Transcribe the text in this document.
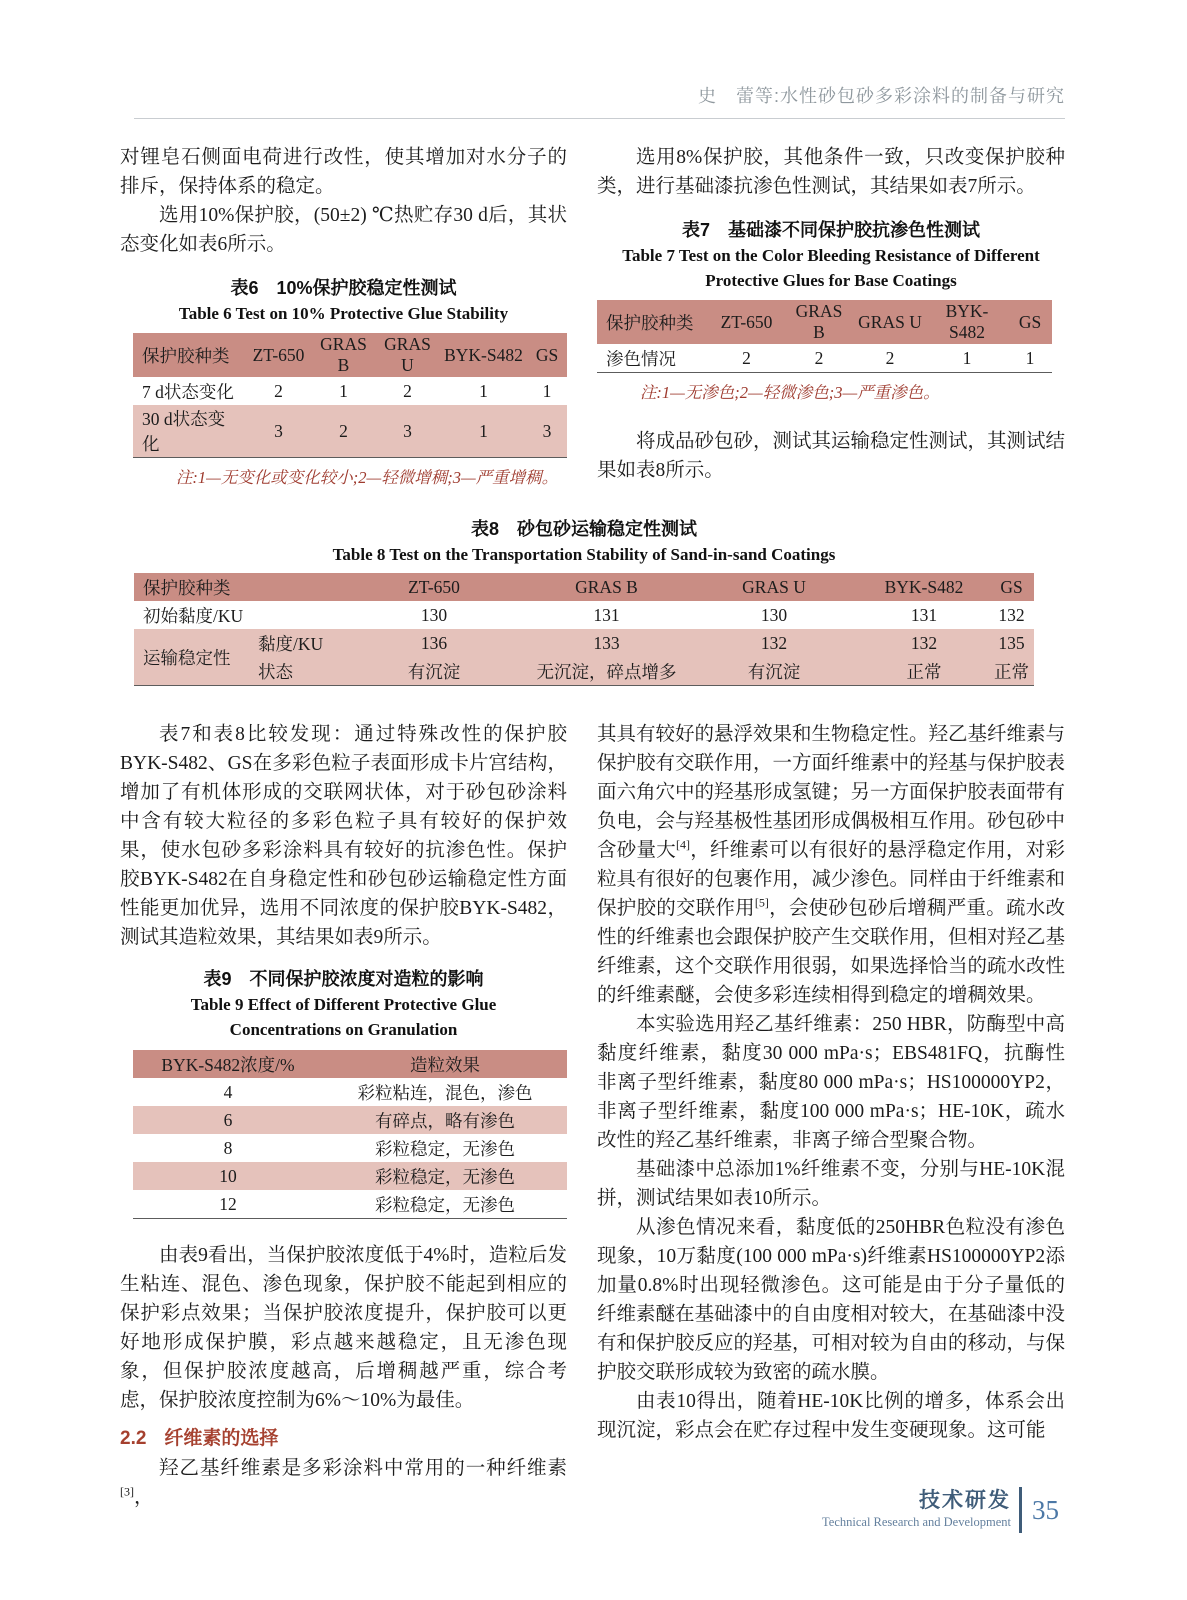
史　蕾等:水性砂包砂多彩涂料的制备与研究

对锂皂石侧面电荷进行改性，使其增加对水分子的排斥，保持体系的稳定。

选用10%保护胶，(50±2) ℃热贮存30 d后，其状态变化如表6所示。

表6　10%保护胶稳定性测试
Table 6 Test on 10% Protective Glue Stability
保护胶种类	ZT-650	GRAS B	GRAS U	BYK-S482	GS
7 d状态变化	2	1	2	1	1
30 d状态变化	3	2	3	1	3

注:1—无变化或变化较小;2—轻微增稠;3—严重增稠。

选用8%保护胶，其他条件一致，只改变保护胶种类，进行基础漆抗渗色性测试，其结果如表7所示。

表7　基础漆不同保护胶抗渗色性测试
Table 7 Test on the Color Bleeding Resistance of Different
Protective Glues for Base Coatings
保护胶种类	ZT-650	GRAS B	GRAS U	BYK-S482	GS
渗色情况	2	2	2	1	1

注:1—无渗色;2—轻微渗色;3—严重渗色。

将成品砂包砂，测试其运输稳定性测试，其测试结果如表8所示。

表8　砂包砂运输稳定性测试
Table 8 Test on the Transportation Stability of Sand-in-sand Coatings
保护胶种类		ZT-650	GRAS B	GRAS U	BYK-S482	GS
初始黏度/KU		130	131	130	131	132
运输稳定性	黏度/KU	136	133	132	132	135
	状态	有沉淀	无沉淀，碎点增多	有沉淀	正常	正常

表7和表8比较发现：通过特殊改性的保护胶BYK-S482、GS在多彩色粒子表面形成卡片宫结构，增加了有机体形成的交联网状体，对于砂包砂涂料中含有较大粒径的多彩色粒子具有较好的保护效果，使水包砂多彩涂料具有较好的抗渗色性。保护胶BYK-S482在自身稳定性和砂包砂运输稳定性方面性能更加优异，选用不同浓度的保护胶BYK-S482，测试其造粒效果，其结果如表9所示。

表9　不同保护胶浓度对造粒的影响
Table 9 Effect of Different Protective Glue
Concentrations on Granulation
BYK-S482浓度/%	造粒效果
4	彩粒粘连，混色，渗色
6	有碎点，略有渗色
8	彩粒稳定，无渗色
10	彩粒稳定，无渗色
12	彩粒稳定，无渗色

由表9看出，当保护胶浓度低于4%时，造粒后发生粘连、混色、渗色现象，保护胶不能起到相应的保护彩点效果；当保护胶浓度提升，保护胶可以更好地形成保护膜，彩点越来越稳定，且无渗色现象，但保护胶浓度越高，后增稠越严重，综合考虑，保护胶浓度控制为6%～10%为最佳。

2.2 纤维素的选择

羟乙基纤维素是多彩涂料中常用的一种纤维素[3]，

其具有较好的悬浮效果和生物稳定性。羟乙基纤维素与保护胶有交联作用，一方面纤维素中的羟基与保护胶表面六角穴中的羟基形成氢键；另一方面保护胶表面带有负电，会与羟基极性基团形成偶极相互作用。砂包砂中含砂量大[4]，纤维素可以有很好的悬浮稳定作用，对彩粒具有很好的包裹作用，减少渗色。同样由于纤维素和保护胶的交联作用[5]，会使砂包砂后增稠严重。疏水改性的纤维素也会跟保护胶产生交联作用，但相对羟乙基纤维素，这个交联作用很弱，如果选择恰当的疏水改性的纤维素醚，会使多彩连续相得到稳定的增稠效果。

本实验选用羟乙基纤维素：250 HBR，防酶型中高黏度纤维素，黏度30 000 mPa·s；EBS481FQ，抗酶性非离子型纤维素，黏度80 000 mPa·s；HS100000YP2，非离子型纤维素，黏度100 000 mPa·s；HE-10K，疏水改性的羟乙基纤维素，非离子缔合型聚合物。

基础漆中总添加1%纤维素不变，分别与HE-10K混拼，测试结果如表10所示。

从渗色情况来看，黏度低的250HBR色粒没有渗色现象，10万黏度(100 000 mPa·s)纤维素HS100000YP2添加量0.8%时出现轻微渗色。这可能是由于分子量低的纤维素醚在基础漆中的自由度相对较大，在基础漆中没有和保护胶反应的羟基，可相对较为自由的移动，与保护胶交联形成较为致密的疏水膜。

由表10得出，随着HE-10K比例的增多，体系会出现沉淀，彩点会在贮存过程中发生变硬现象。这可能

技术研发
Technical Research and Development 35
